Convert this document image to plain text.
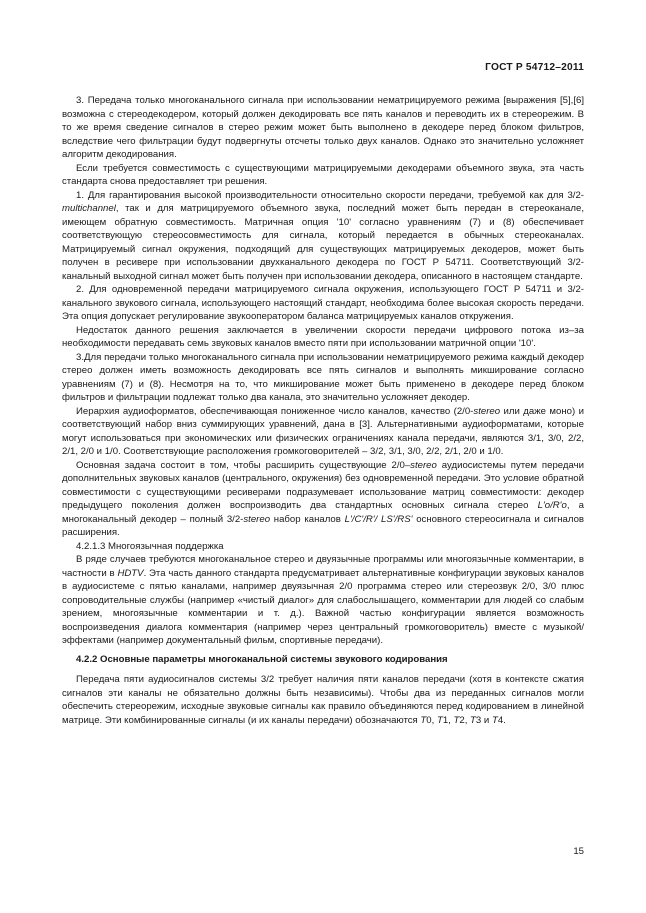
ГОСТ Р 54712–2011

3. Передача только многоканального сигнала при использовании нематрицируемого режима [выражения [5],[6] возможна с стереодекодером, который должен декодировать все пять каналов и переводить их в стереорежим. В то же время сведение сигналов в стерео режим может быть выполнено в декодере перед блоком фильтров, вследствие чего фильтрации будут подвергнуты отсчеты только двух каналов. Однако это значительно усложняет алгоритм декодирования.

Если требуется совместимость с существующими матрицируемыми декодерами объемного звука, эта часть стандарта снова предоставляет три решения.

1. Для гарантирования высокой производительности относительно скорости передачи, требуемой как для 3/2-multichannel, так и для матрицируемого объемного звука, последний может быть передан в стереоканале, имеющем обратную совместимость. Матричная опция '10' согласно уравнениям (7) и (8) обеспечивает соответствующую стереосовместимость для сигнала, который передается в обычных стереоканалах. Матрицируемый сигнал окружения, подходящий для существующих матрицируемых декодеров, может быть получен в ресивере при использовании двухканального декодера по ГОСТ Р 54711. Соответствующий 3/2-канальный выходной сигнал может быть получен при использовании декодера, описанного в настоящем стандарте.

2. Для одновременной передачи матрицируемого сигнала окружения, использующего ГОСТ Р 54711 и 3/2-канального звукового сигнала, использующего настоящий стандарт, необходима более высокая скорость передачи. Эта опция допускает регулирование звукооператором баланса матрицируемых каналов откружения.

Недостаток данного решения заключается в увеличении скорости передачи цифрового потока из–за необходимости передавать семь звуковых каналов вместо пяти при использовании матричной опции '10'.

3.Для передачи только многоканального сигнала при использовании нематрицируемого режима каждый декодер стерео должен иметь возможность декодировать все пять сигналов и выполнять микширование согласно уравнениям (7) и (8). Несмотря на то, что микширование может быть применено в декодере перед блоком фильтров и фильтрации подлежат только два канала, это значительно усложняет декодер.

Иерархия аудиоформатов, обеспечивающая пониженное число каналов, качество (2/0-stereo или даже моно) и соответствующий набор вниз суммирующих уравнений, дана в [3]. Альтернативными аудиоформатами, которые могут использоваться при экономических или физических ограничениях канала передачи, являются 3/1, 3/0, 2/2, 2/1, 2/0 и 1/0. Соответствующие расположения громкоговорителей – 3/2, 3/1, 3/0, 2/2, 2/1, 2/0 и 1/0.

Основная задача состоит в том, чтобы расширить существующие 2/0–stereo аудиосистемы путем передачи дополнительных звуковых каналов (центрального, окружения) без одновременной передачи. Это условие обратной совместимости с существующими ресиверами подразумевает использование матриц совместимости: декодер предыдущего поколения должен воспроизводить два стандартных основных сигнала стерео L'o/R'o, а многоканальный декодер – полный 3/2-stereo набор каналов L'/C'/R'/ LS'/RS' основного стереосигнала и сигналов расширения.

4.2.1.3 Многоязычная поддержка

В ряде случаев требуются многоканальное стерео и двуязычные программы или многоязычные комментарии, в частности в HDTV. Эта часть данного стандарта предусматривает альтернативные конфигурации звуковых каналов в аудиосистеме с пятью каналами, например двуязычная 2/0 программа стерео или стереозвук 2/0, 3/0 плюс сопроводительные службы (например «чистый диалог» для слабослышащего, комментарии для людей со слабым зрением, многоязычные комментарии и т. д.). Важной частью конфигурации является возможность воспроизведения диалога комментария (например через центральный громкоговоритель) вместе с музыкой/эффектами (например документальный фильм, спортивные передачи).

4.2.2 Основные параметры многоканальной системы звукового кодирования

Передача пяти аудиосигналов системы 3/2 требует наличия пяти каналов передачи (хотя в контексте сжатия сигналов эти каналы не обязательно должны быть независимы). Чтобы два из переданных сигналов могли обеспечить стереорежим, исходные звуковые сигналы как правило объединяются перед кодированием в линейной матрице. Эти комбинированные сигналы (и их каналы передачи) обозначаются T0, T1, T2, T3 и T4.

15
